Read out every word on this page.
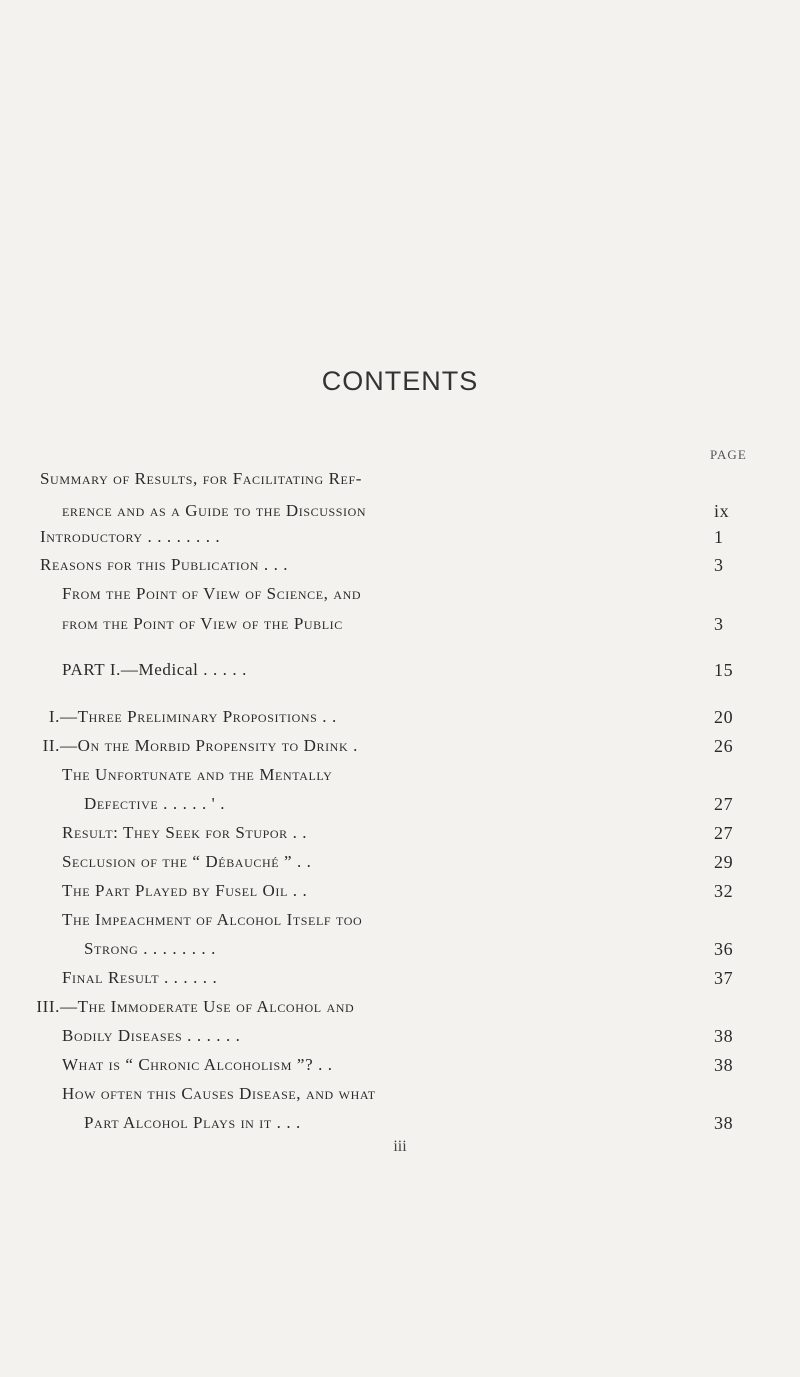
CONTENTS
PAGE
Summary of Results, for Facilitating Ref-
erence and as a Guide to the Discussion	ix
Introductory . . . . . . . .	1
Reasons for this Publication . . .	3
From the Point of View of Science, and
from the Point of View of the Public	3
PART I.—Medical . . . . .	15
I. —Three Preliminary Propositions . .	20
II. —On the Morbid Propensity to Drink .	26
The Unfortunate and the Mentally
Defective . . . . . ' .	27
Result: They Seek for Stupor . .	27
Seclusion of the “ Débauché ” . .	29
The Part Played by Fusel Oil . .	32
The Impeachment of Alcohol Itself too
Strong . . . . . . . .	36
Final Result . . . . . .	37
III. —The Immoderate Use of Alcohol and
Bodily Diseases . . . . . .	38
What is “ Chronic Alcoholism ”? . .	38
How often this Causes Disease, and what
Part Alcohol Plays in it . . .	38
iii
